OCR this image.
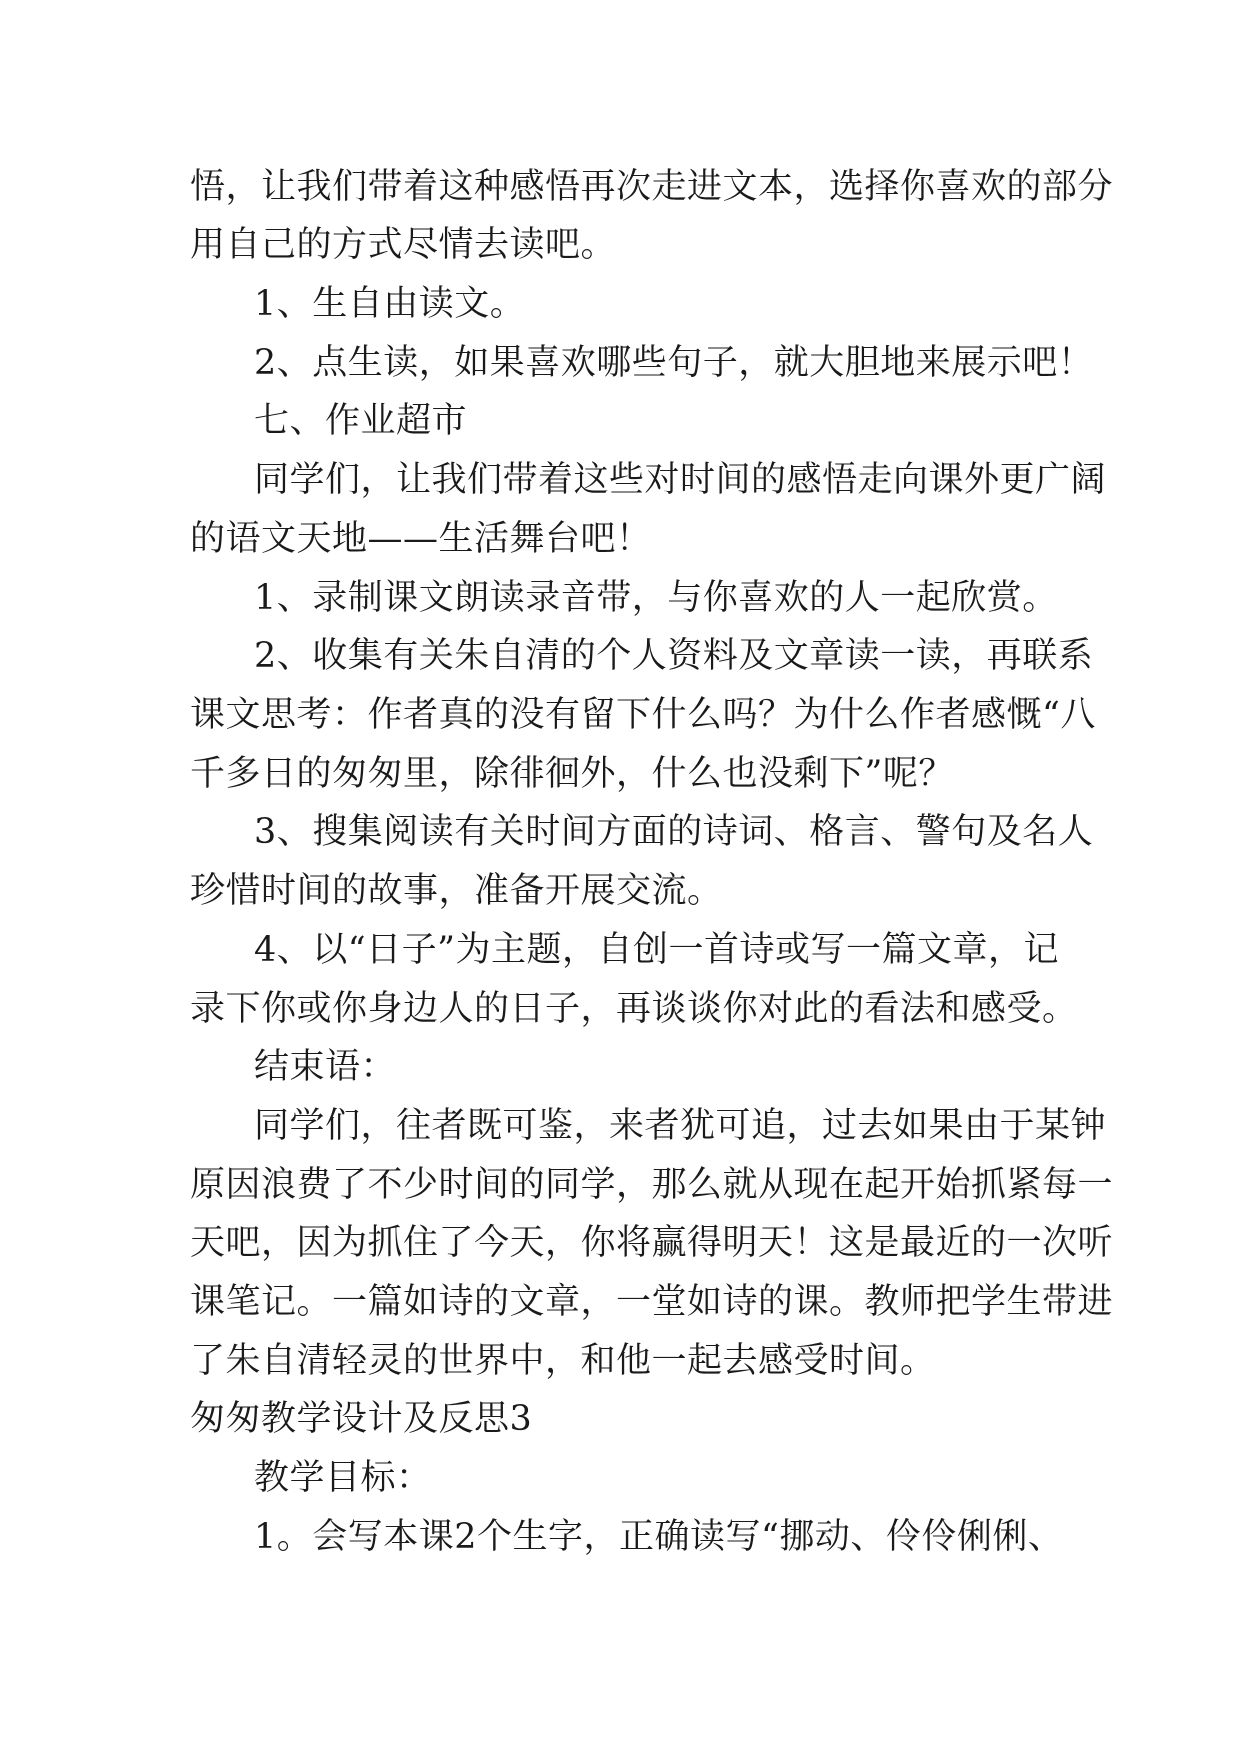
悟，让我们带着这种感悟再次走进文本，选择你喜欢的部分
用自己的方式尽情去读吧。
1、生自由读文。
2、点生读，如果喜欢哪些句子，就大胆地来展示吧！
七、作业超市
同学们，让我们带着这些对时间的感悟走向课外更广阔
的语文天地——生活舞台吧！
1、录制课文朗读录音带，与你喜欢的人一起欣赏。
2、收集有关朱自清的个人资料及文章读一读，再联系
课文思考：作者真的没有留下什么吗？为什么作者感慨“八
千多日的匆匆里，除徘徊外，什么也没剩下”呢？
3、搜集阅读有关时间方面的诗词、格言、警句及名人
珍惜时间的故事，准备开展交流。
4、以“日子”为主题，自创一首诗或写一篇文章，记
录下你或你身边人的日子，再谈谈你对此的看法和感受。
结束语：
同学们，往者既可鉴，来者犹可追，过去如果由于某钟
原因浪费了不少时间的同学，那么就从现在起开始抓紧每一
天吧，因为抓住了今天，你将赢得明天！这是最近的一次听
课笔记。一篇如诗的文章，一堂如诗的课。教师把学生带进
了朱自清轻灵的世界中，和他一起去感受时间。
匆匆教学设计及反思3
教学目标：
1。会写本课2个生字，正确读写“挪动、伶伶俐俐、
